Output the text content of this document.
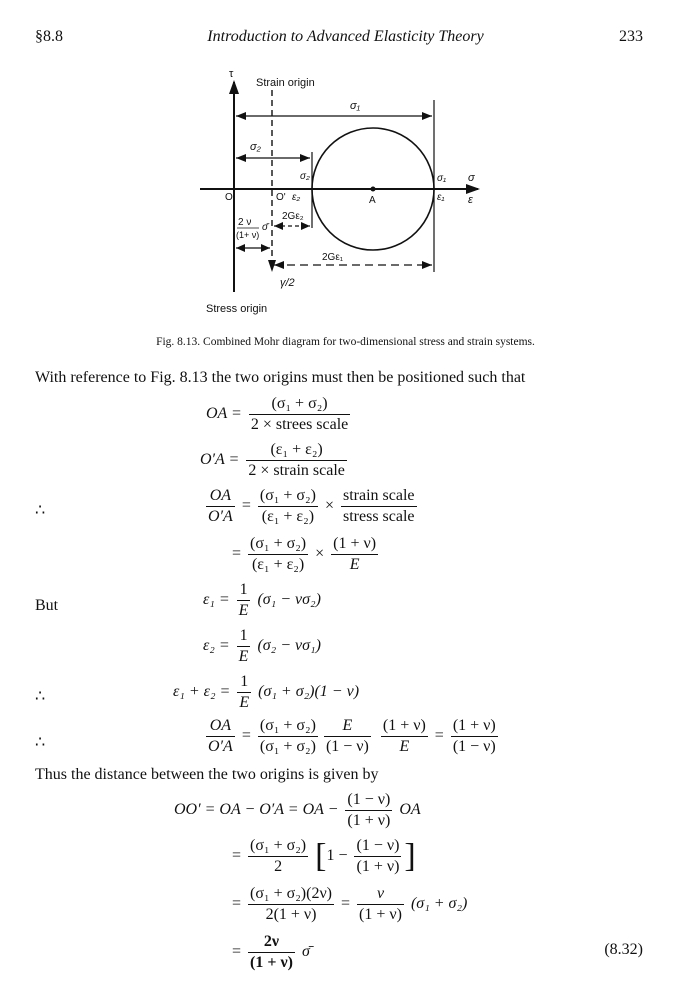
§8.8	Introduction to Advanced Elasticity Theory	233
τ
Strain origin
γ/2
σ
ε
A
σ₁
σ₂
σ₂
ε₂
O	O'
σ₁
ε₁
2Gε₂
2Gε₁
2 ν
(1+ ν)
σ̄
Stress origin
Fig. 8.13. Combined Mohr diagram for two-dimensional stress and strain systems.
With reference to Fig. 8.13 the two origins must then be positioned such that
OA = $\frac{\text{(σ₁ + σ₂)}}{\text{2 × strees scale}}$
$O'A = \frac{\text{(ε₁ + ε₂)}}{\text{2 × strain scale}}$
∴	$\frac{OA}{O'A} = \frac{\text{(σ₁ + σ₂)}}{\text{(ε₁ + ε₂)}} \times \frac{\text{strain scale}}{\text{stress scale}}$
= $\frac{\text{(σ₁ + σ₂)}}{\text{(ε₁ + ε₂)}} \times \frac{(1 + \nu)}{E}$
But	$\varepsilon_1 = \frac{1}{E} (\sigma_1 - \nu\sigma_2)$
$\varepsilon_2 = \frac{1}{E} (\sigma_2 - \nu\sigma_1)$
∴	$\varepsilon_1 + \varepsilon_2 = \frac{1}{E} (\sigma_1 + \sigma_2)(1 - \nu)$
∴	$\frac{OA}{O'A} = \frac{\text{(σ₁ + σ₂)}}{\text{(σ₁ + σ₂)}} \frac{E}{(1 - \nu)}$
$\frac{(1 + \nu)}{E} = \frac{(1 + \nu)}{(1 - \nu)}$
Thus the distance between the two origins is given by
OO′ = OA − O′A = OA − $\frac{(1 - \nu)}{(1 + \nu)}$ OA
= $\frac{\text{(σ₁ + σ₂)}}{2} [1 - \frac{(1 - \nu)}{(1 + \nu)}$ ]
= $\frac{\text{(σ₁ + σ₂)(2ν)}}{2(1 + \nu)} = \frac{\nu}{(1 + \nu)} (\sigma_1 + \sigma_2)$
= $\frac{2\nu}{(1 + \nu)}$ σ̄	(8.32)
